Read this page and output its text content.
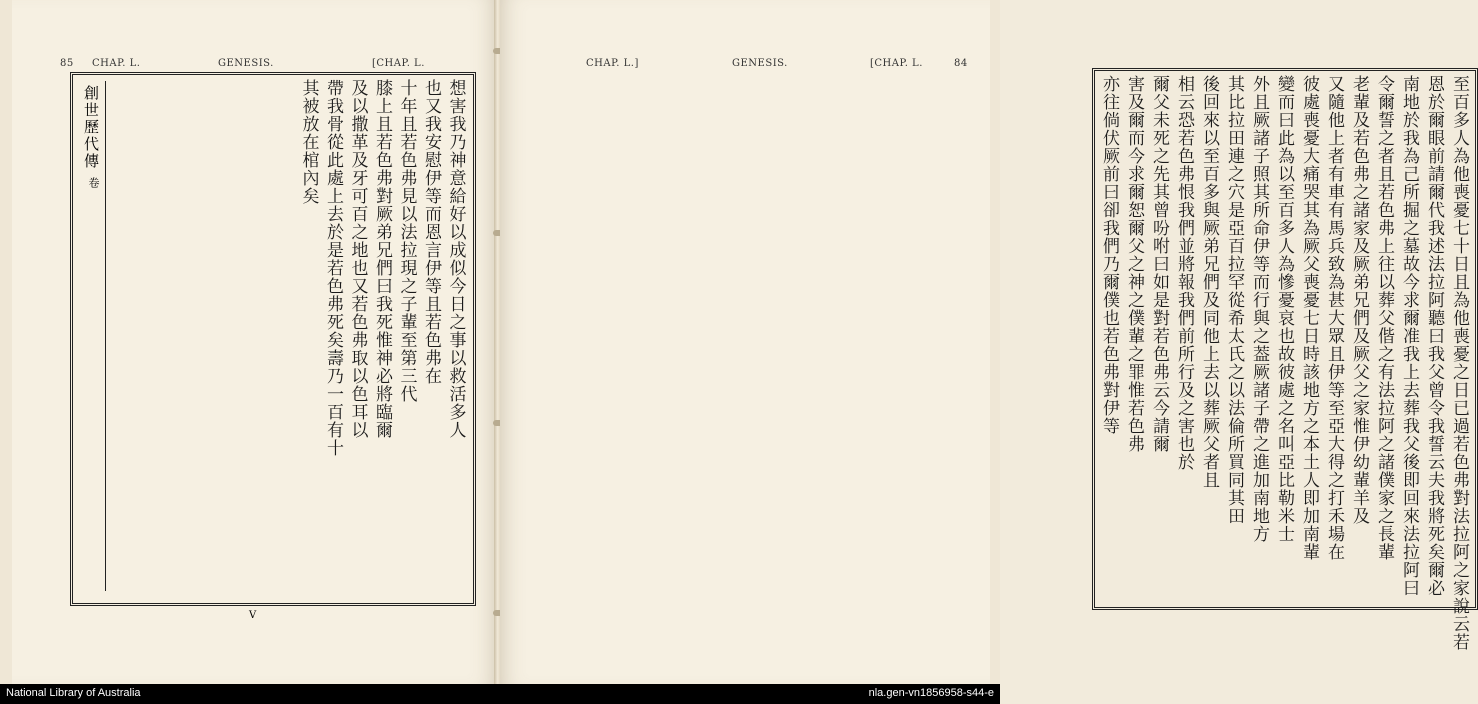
85 CHAP. L.	GENESIS.	[CHAP. L.
創世歷代傳
卷	想害我乃神意給好以成似今日之事以救活多人
也又我安慰伊等而恩言伊等且若色弗在
十年且若色弗見以法拉現之子輩至第三代
膝上且若色弗對厥弟兄們曰我死惟神必將臨爾
及以撒革及牙可百之地也又若色弗取以色耳以
帶我骨從此處上去於是若色弗死矣壽乃一百有十
其被放在棺內矣
V
CHAP. L.]	GENESIS.	[CHAP. L.	84
至百多人為他喪憂七十日且為他喪憂之日已過若色弗對法拉阿之家說云若
恩於爾眼前請爾代我述法拉阿聽曰我父曾令我誓云夫我將死矣爾必
南地於我為己所掘之墓故今求爾准我上去葬我父後即回來法拉阿曰
令爾誓之者且若色弗上往以葬父偕之有法拉阿之諸僕家之長輩
老輩及若色弗之諸家及厥弟兄們及厥父之家惟伊幼輩羊及
又隨他上者有車有馬兵致為甚大眾且伊等至亞大得之打禾場在
彼處喪憂大痛哭其為厥父喪憂七日時該地方之本土人即加南輩
變而曰此為以至百多人為慘憂哀也故彼處之名叫亞比勒米士
外且厥諸子照其所命伊等而行與之葢厥諸子帶之進加南地方
其比拉田連之穴是亞百拉罕從希太氏之以法倫所買同其田
後回來以至百多與厥弟兄們及同他上去以葬厥父者且
相云恐若色弗恨我們並將報我們前所行及之害也於
爾父未死之先其曾吩咐曰如是對若色弗云今請爾
害及爾而今求爾恕爾父之神之僕輩之罪惟若色弗
亦往倘伏厥前曰卻我們乃爾僕也若色弗對伊等
National Library of Australia	nla.gen-vn1856958-s44-e
